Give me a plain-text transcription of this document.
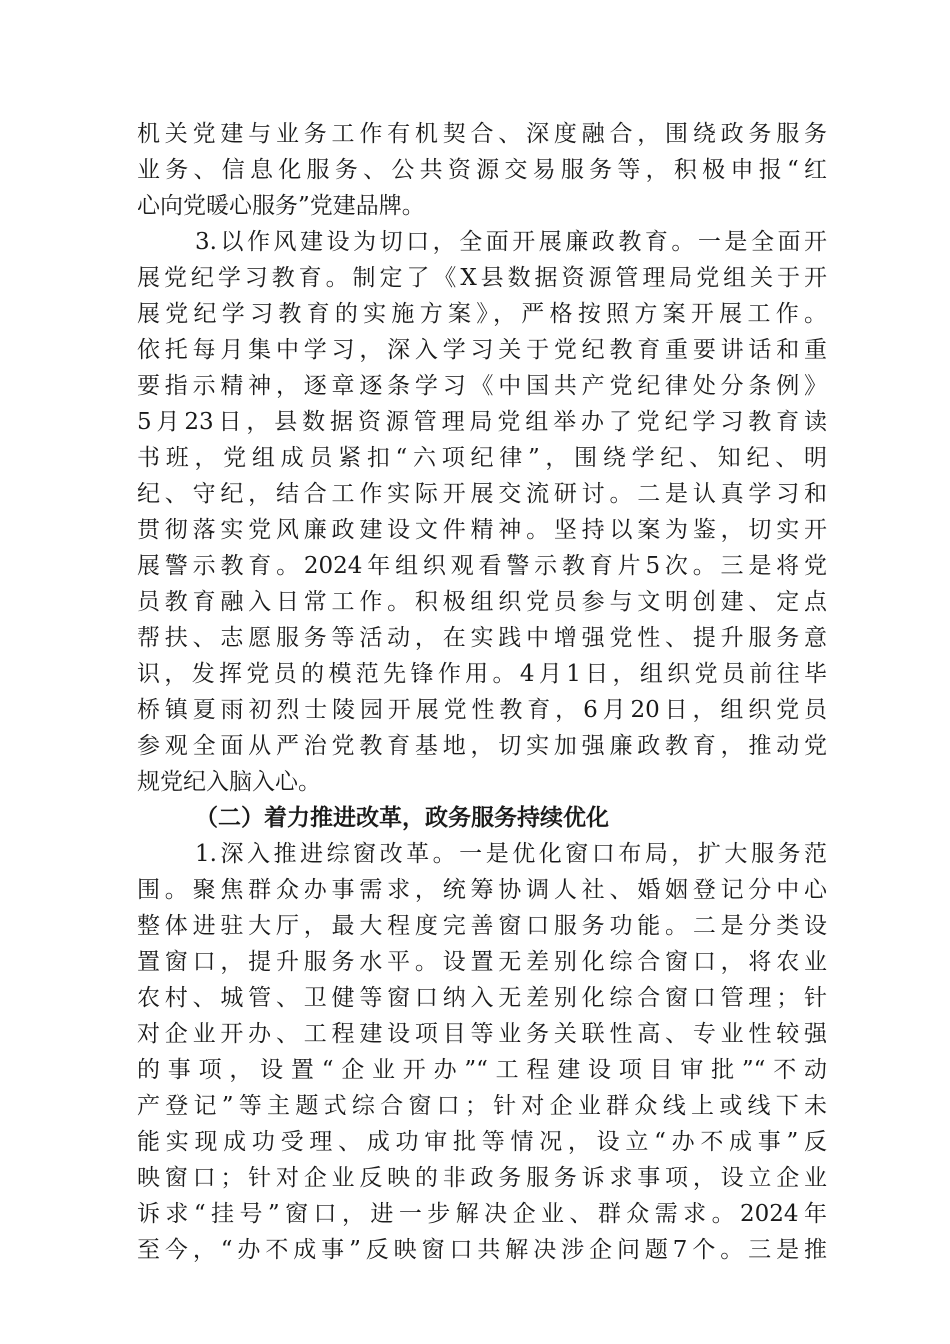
机关党建与业务工作有机契合、深度融合，围绕政务服务
业务、信息化服务、公共资源交易服务等，积极申报“红
心向党暖心服务”党建品牌。
3.以作风建设为切口，全面开展廉政教育。一是全面开
展党纪学习教育。制定了《X县数据资源管理局党组关于开
展党纪学习教育的实施方案》，严格按照方案开展工作。
依托每月集中学习，深入学习关于党纪教育重要讲话和重
要指示精神，逐章逐条学习《中国共产党纪律处分条例》
5月23日，县数据资源管理局党组举办了党纪学习教育读
书班，党组成员紧扣“六项纪律”，围绕学纪、知纪、明
纪、守纪，结合工作实际开展交流研讨。二是认真学习和
贯彻落实党风廉政建设文件精神。坚持以案为鉴，切实开
展警示教育。2024年组织观看警示教育片5次。三是将党
员教育融入日常工作。积极组织党员参与文明创建、定点
帮扶、志愿服务等活动，在实践中增强党性、提升服务意
识，发挥党员的模范先锋作用。4月1日，组织党员前往毕
桥镇夏雨初烈士陵园开展党性教育，6月20日，组织党员
参观全面从严治党教育基地，切实加强廉政教育，推动党
规党纪入脑入心。
（二）着力推进改革，政务服务持续优化
1.深入推进综窗改革。一是优化窗口布局，扩大服务范
围。聚焦群众办事需求，统筹协调人社、婚姻登记分中心
整体进驻大厅，最大程度完善窗口服务功能。二是分类设
置窗口，提升服务水平。设置无差别化综合窗口，将农业
农村、城管、卫健等窗口纳入无差别化综合窗口管理；针
对企业开办、工程建设项目等业务关联性高、专业性较强
的事项，设置“企业开办”“工程建设项目审批”“不动
产登记”等主题式综合窗口；针对企业群众线上或线下未
能实现成功受理、成功审批等情况，设立“办不成事”反
映窗口；针对企业反映的非政务服务诉求事项，设立企业
诉求“挂号”窗口，进一步解决企业、群众需求。2024年
至今，“办不成事”反映窗口共解决涉企问题7个。三是推
